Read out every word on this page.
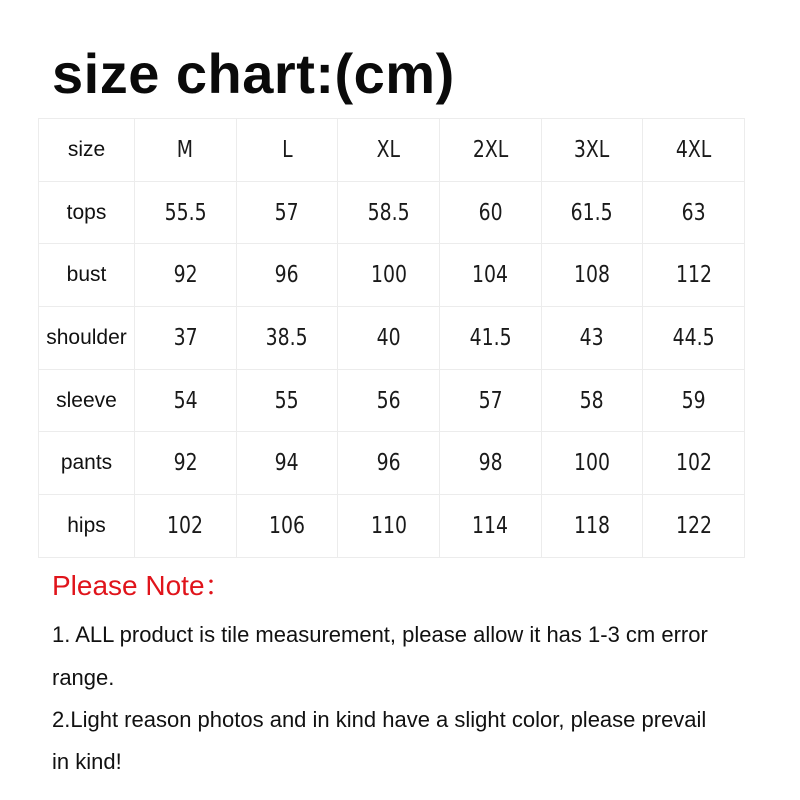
size chart:(cm)
size	M	L	XL	2XL	3XL	4XL
tops	55.5	57	58.5	60	61.5	63
bust	92	96	100	104	108	112
shoulder	37	38.5	40	41.5	43	44.5
sleeve	54	55	56	57	58	59
pants	92	94	96	98	100	102
hips	102	106	110	114	118	122
Please Note：
1. ALL product is tile measurement, please allow it has 1-3 cm error
range.
2.Light reason photos and in kind have a slight color, please prevail
in kind!
